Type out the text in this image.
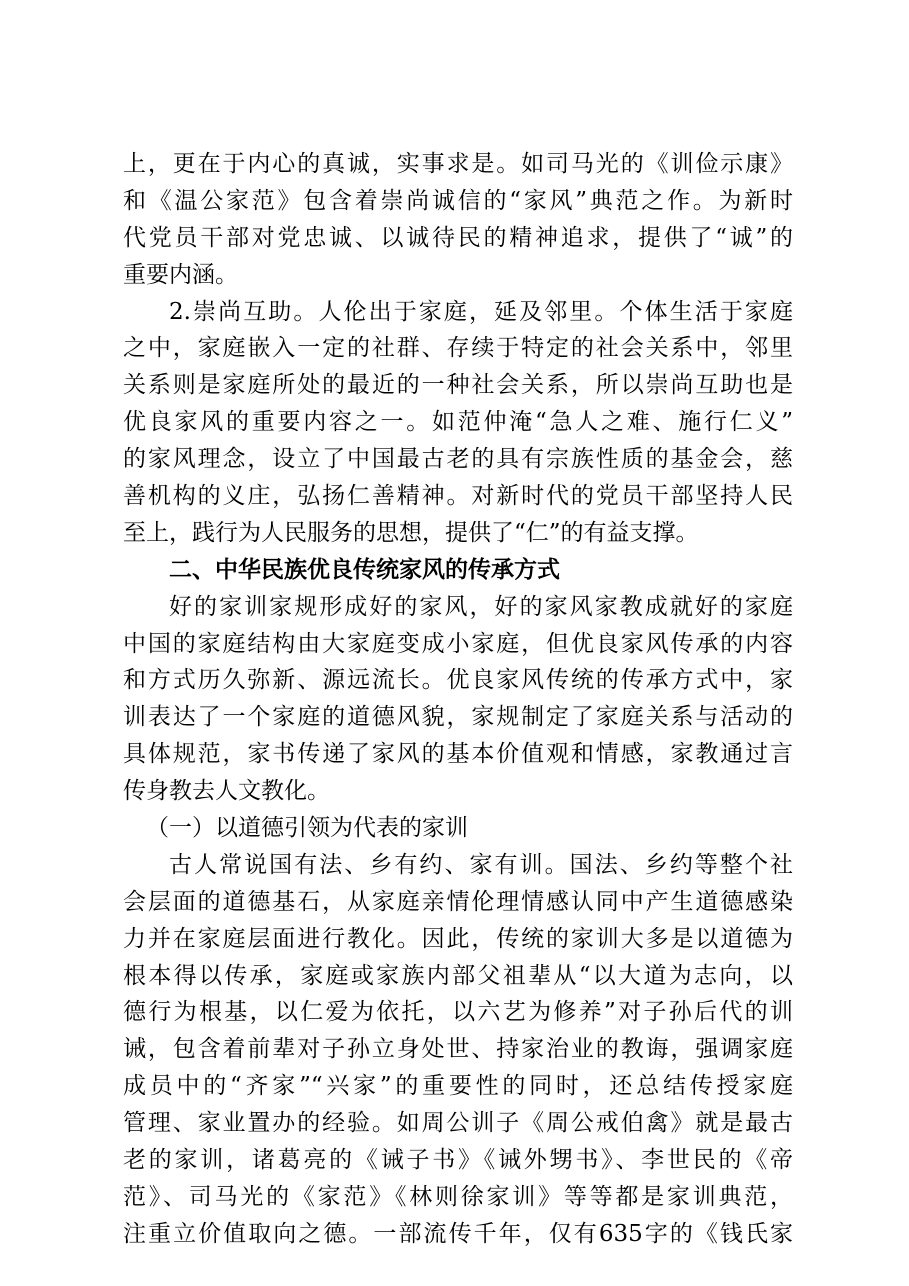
上，更在于内心的真诚，实事求是。如司马光的《训俭示康》
和《温公家范》包含着崇尚诚信的“家风”典范之作。为新时
代党员干部对党忠诚、以诚待民的精神追求，提供了“诚”的
重要内涵。
2.崇尚互助。人伦出于家庭，延及邻里。个体生活于家庭
之中，家庭嵌入一定的社群、存续于特定的社会关系中，邻里
关系则是家庭所处的最近的一种社会关系，所以崇尚互助也是
优良家风的重要内容之一。如范仲淹“急人之难、施行仁义”
的家风理念，设立了中国最古老的具有宗族性质的基金会，慈
善机构的义庄，弘扬仁善精神。对新时代的党员干部坚持人民
至上，践行为人民服务的思想，提供了“仁”的有益支撑。
二、中华民族优良传统家风的传承方式
好的家训家规形成好的家风，好的家风家教成就好的家庭
中国的家庭结构由大家庭变成小家庭，但优良家风传承的内容
和方式历久弥新、源远流长。优良家风传统的传承方式中，家
训表达了一个家庭的道德风貌，家规制定了家庭关系与活动的
具体规范，家书传递了家风的基本价值观和情感，家教通过言
传身教去人文教化。
（一）以道德引领为代表的家训
古人常说国有法、乡有约、家有训。国法、乡约等整个社
会层面的道德基石，从家庭亲情伦理情感认同中产生道德感染
力并在家庭层面进行教化。因此，传统的家训大多是以道德为
根本得以传承，家庭或家族内部父祖辈从“以大道为志向，以
德行为根基，以仁爱为依托，以六艺为修养”对子孙后代的训
诫，包含着前辈对子孙立身处世、持家治业的教诲，强调家庭
成员中的“齐家”“兴家”的重要性的同时，还总结传授家庭
管理、家业置办的经验。如周公训子《周公戒伯禽》就是最古
老的家训，诸葛亮的《诫子书》《诫外甥书》、李世民的《帝
范》、司马光的《家范》《林则徐家训》等等都是家训典范，
注重立价值取向之德。一部流传千年，仅有635字的《钱氏家
